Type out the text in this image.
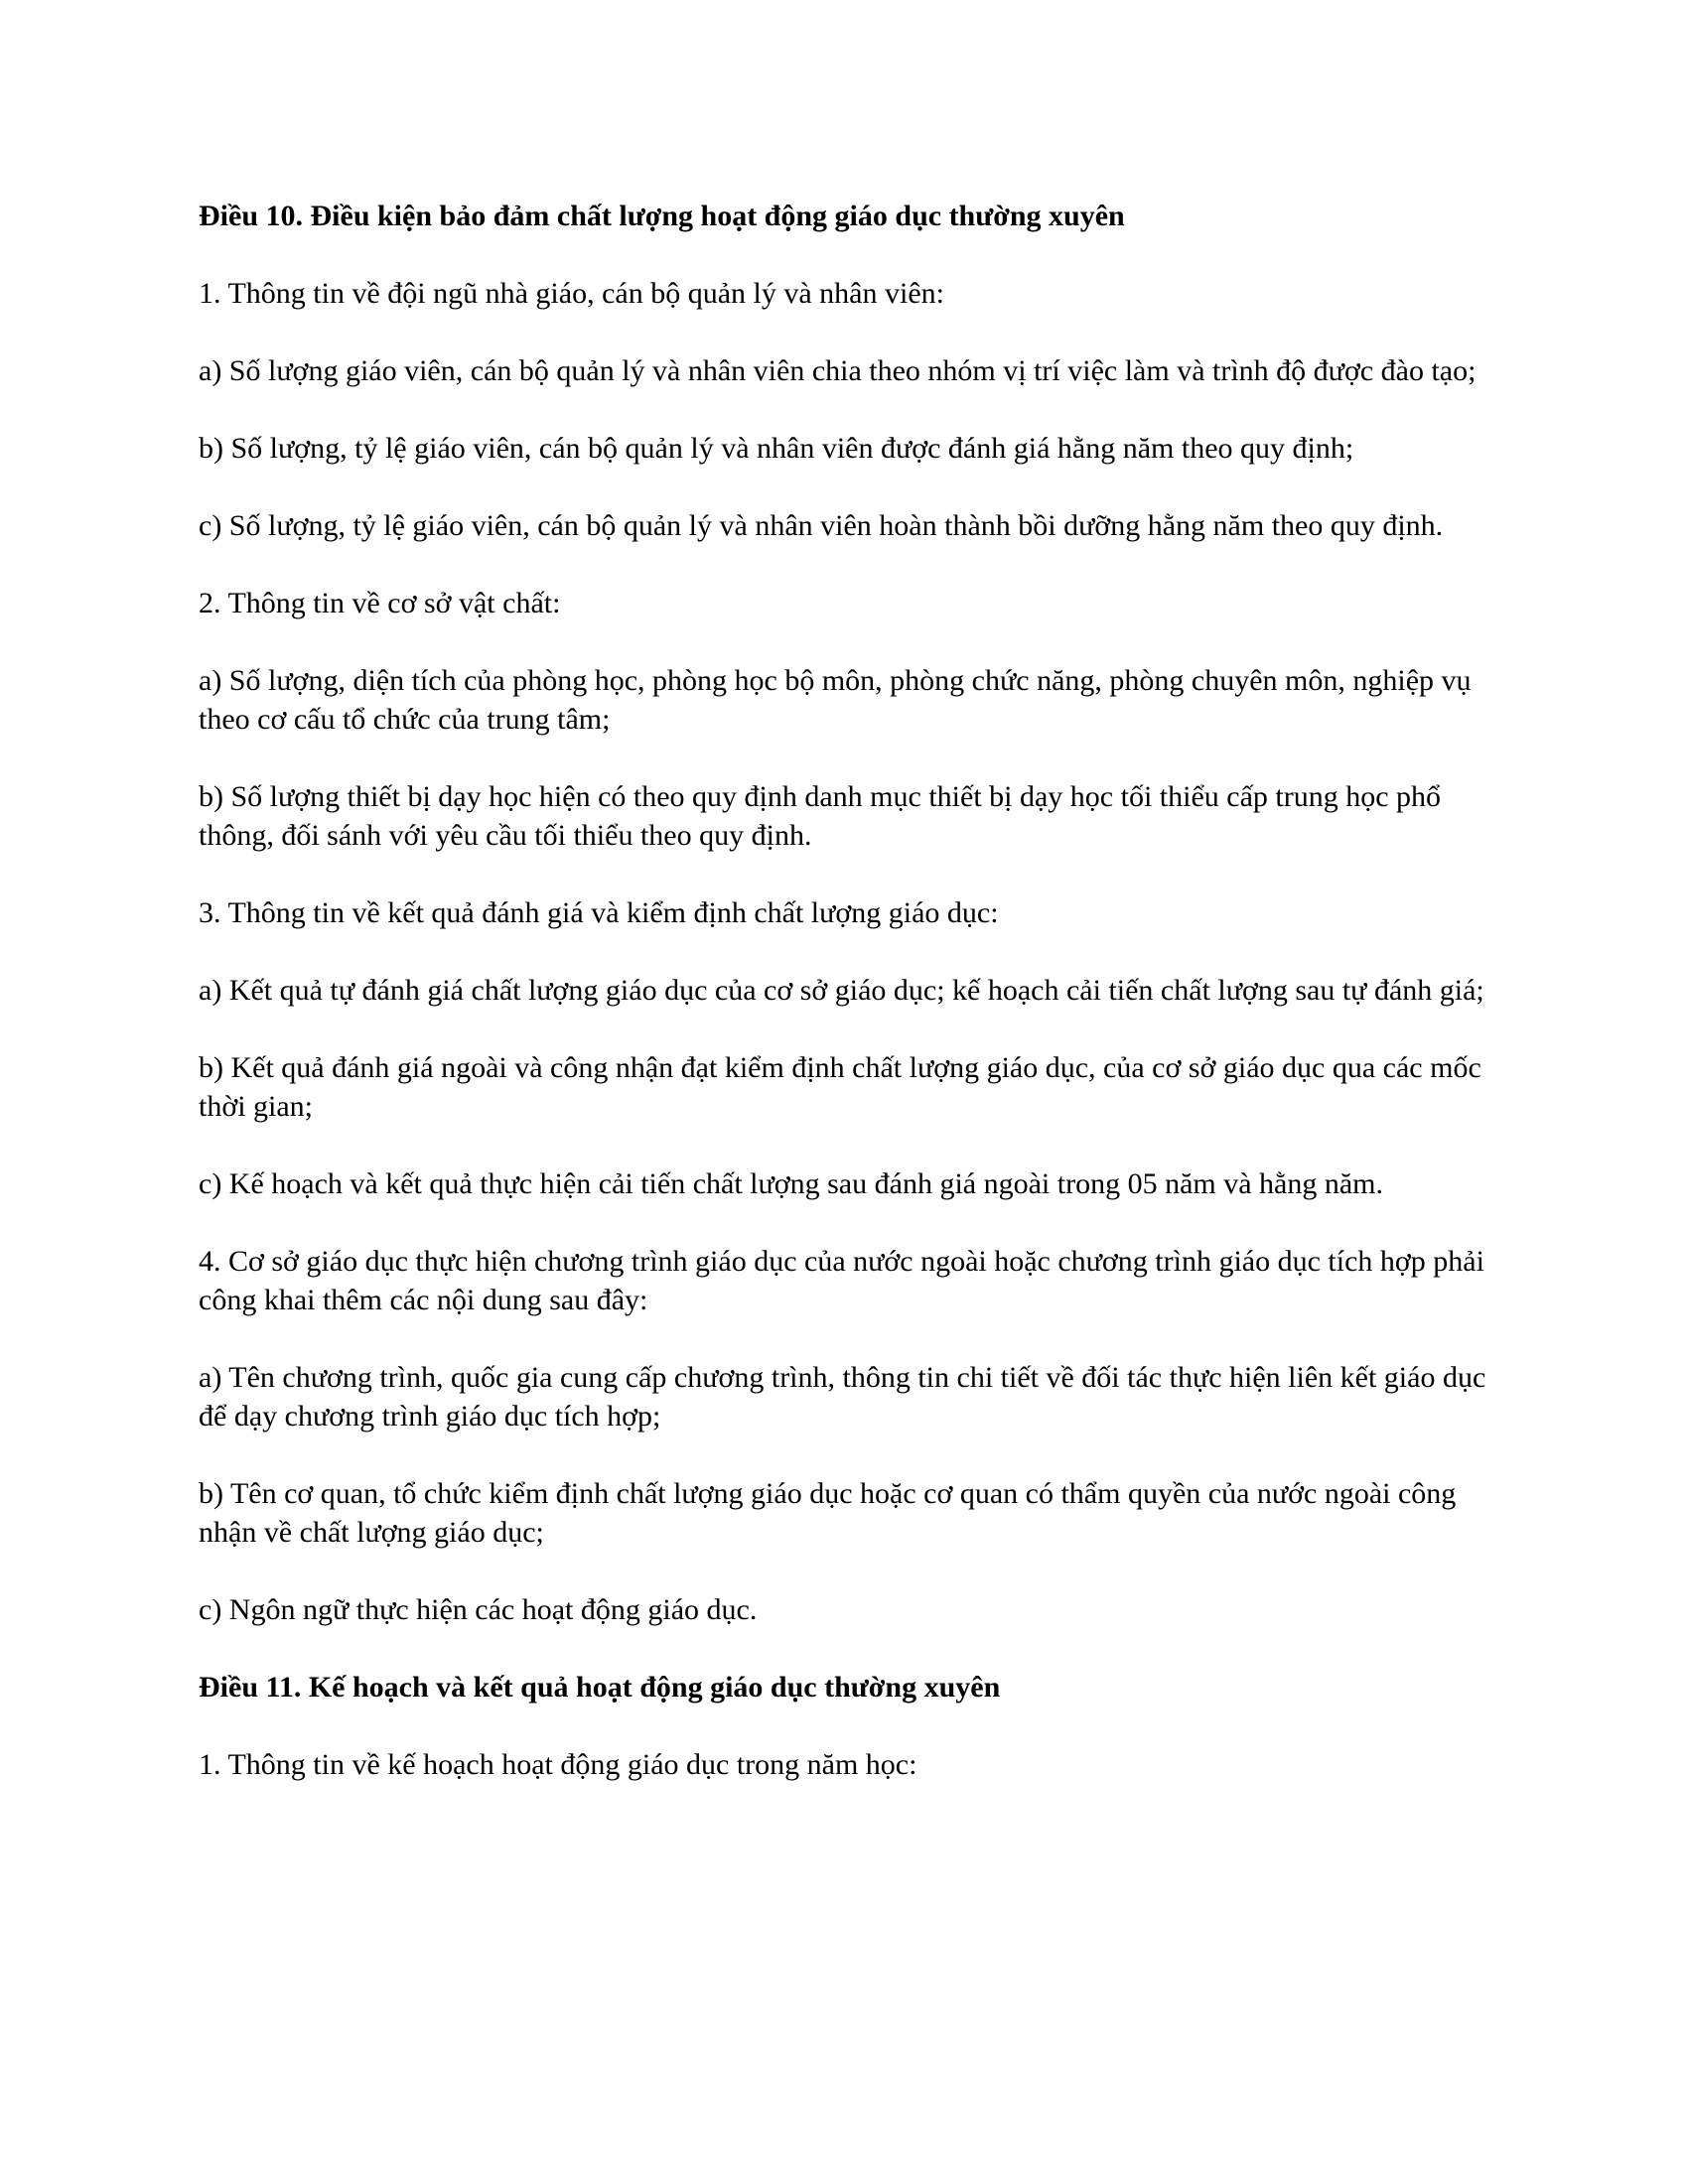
Điều 10. Điều kiện bảo đảm chất lượng hoạt động giáo dục thường xuyên

1. Thông tin về đội ngũ nhà giáo, cán bộ quản lý và nhân viên:

a) Số lượng giáo viên, cán bộ quản lý và nhân viên chia theo nhóm vị trí việc làm và trình độ được đào tạo;

b) Số lượng, tỷ lệ giáo viên, cán bộ quản lý và nhân viên được đánh giá hằng năm theo quy định;

c) Số lượng, tỷ lệ giáo viên, cán bộ quản lý và nhân viên hoàn thành bồi dưỡng hằng năm theo quy định.

2. Thông tin về cơ sở vật chất:

a) Số lượng, diện tích của phòng học, phòng học bộ môn, phòng chức năng, phòng chuyên môn, nghiệp vụ theo cơ cấu tổ chức của trung tâm;

b) Số lượng thiết bị dạy học hiện có theo quy định danh mục thiết bị dạy học tối thiểu cấp trung học phổ thông, đối sánh với yêu cầu tối thiểu theo quy định.

3. Thông tin về kết quả đánh giá và kiểm định chất lượng giáo dục:

a) Kết quả tự đánh giá chất lượng giáo dục của cơ sở giáo dục; kế hoạch cải tiến chất lượng sau tự đánh giá;

b) Kết quả đánh giá ngoài và công nhận đạt kiểm định chất lượng giáo dục, của cơ sở giáo dục qua các mốc thời gian;

c) Kế hoạch và kết quả thực hiện cải tiến chất lượng sau đánh giá ngoài trong 05 năm và hằng năm.

4. Cơ sở giáo dục thực hiện chương trình giáo dục của nước ngoài hoặc chương trình giáo dục tích hợp phải công khai thêm các nội dung sau đây:

a) Tên chương trình, quốc gia cung cấp chương trình, thông tin chi tiết về đối tác thực hiện liên kết giáo dục để dạy chương trình giáo dục tích hợp;

b) Tên cơ quan, tổ chức kiểm định chất lượng giáo dục hoặc cơ quan có thẩm quyền của nước ngoài công nhận về chất lượng giáo dục;

c) Ngôn ngữ thực hiện các hoạt động giáo dục.

Điều 11. Kế hoạch và kết quả hoạt động giáo dục thường xuyên

1. Thông tin về kế hoạch hoạt động giáo dục trong năm học:
